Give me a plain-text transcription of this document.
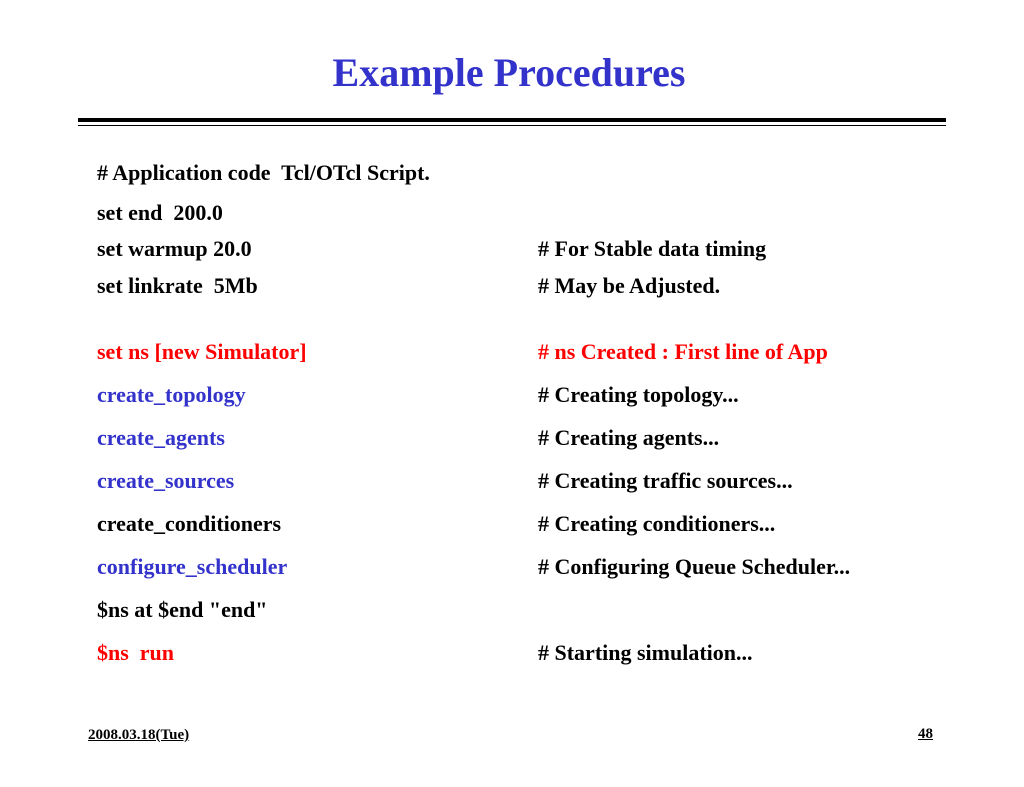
Example Procedures
# Application code  Tcl/OTcl Script.
set end  200.0
set warmup 20.0	# For Stable data timing
set linkrate  5Mb	# May be Adjusted.
set ns [new Simulator]	# ns Created : First line of App
create_topology	# Creating topology...
create_agents	# Creating agents...
create_sources	# Creating traffic sources...
create_conditioners	# Creating conditioners...
configure_scheduler	# Configuring Queue Scheduler...
$ns at $end "end"
$ns  run	# Starting simulation...
2008.03.18(Tue)	48
